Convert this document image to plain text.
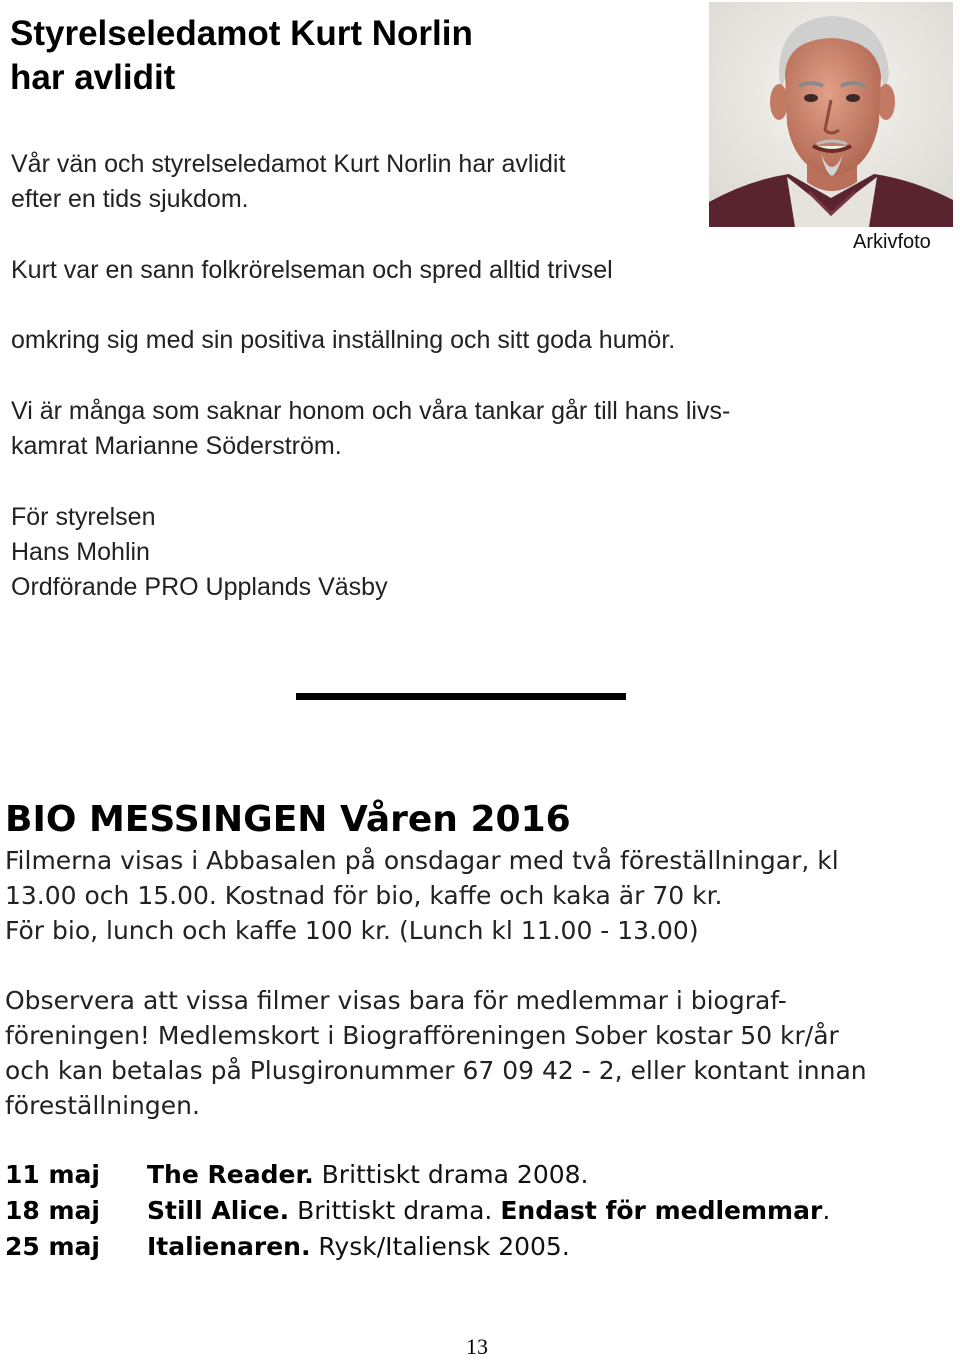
Styrelseledamot Kurt Norlin
har avlidit
Vår vän och styrelseledamot Kurt Norlin har avlidit
efter en tids sjukdom.
Kurt var en sann folkrörelseman och spred alltid trivsel
omkring sig med sin positiva inställning och sitt goda humör.
Vi är många som saknar honom och våra tankar går till hans livs-
kamrat Marianne Söderström.
För styrelsen
Hans Mohlin
Ordförande PRO Upplands Väsby
Arkivfoto
BIO MESSINGEN Våren 2016
Filmerna visas i Abbasalen på onsdagar med två föreställningar, kl
13.00 och 15.00. Kostnad för bio, kaffe och kaka är 70 kr.
För bio, lunch och kaffe 100 kr. (Lunch kl 11.00 - 13.00)
Observera att vissa filmer visas bara för medlemmar i biograf-
föreningen! Medlemskort i Biografföreningen Sober kostar 50 kr/år
och kan betalas på Plusgironummer 67 09 42 - 2, eller kontant innan
föreställningen.
11 maj The Reader. Brittiskt drama 2008.
18 maj Still Alice. Brittiskt drama. Endast för medlemmar.
25 maj Italienaren. Rysk/Italiensk 2005.
13
